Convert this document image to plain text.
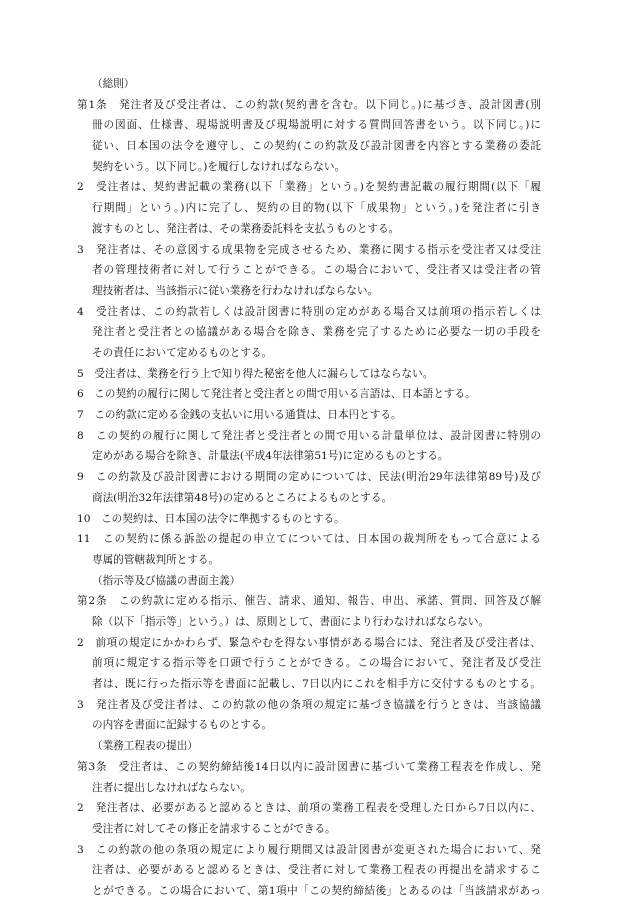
（総則）
第1条　発注者及び受注者は、この約款(契約書を含む。以下同じ。)に基づき、設計図書(別
冊の図面、仕様書、現場説明書及び現場説明に対する質問回答書をいう。以下同じ。)に
従い、日本国の法令を遵守し、この契約(この約款及び設計図書を内容とする業務の委託
契約をいう。以下同じ。)を履行しなければならない。
2　受注者は、契約書記載の業務(以下「業務」という。)を契約書記載の履行期間(以下「履
行期間」という。)内に完了し、契約の目的物(以下「成果物」という。)を発注者に引き
渡すものとし、発注者は、その業務委託料を支払うものとする。
3　発注者は、その意図する成果物を完成させるため、業務に関する指示を受注者又は受注
者の管理技術者に対して行うことができる。この場合において、受注者又は受注者の管
理技術者は、当該指示に従い業務を行わなければならない。
4　受注者は、この約款若しくは設計図書に特別の定めがある場合又は前項の指示若しくは
発注者と受注者との協議がある場合を除き、業務を完了するために必要な一切の手段を
その責任において定めるものとする。
5　受注者は、業務を行う上で知り得た秘密を他人に漏らしてはならない。
6　この契約の履行に関して発注者と受注者との間で用いる言語は、日本語とする。
7　この約款に定める金銭の支払いに用いる通貨は、日本円とする。
8　この契約の履行に関して発注者と受注者との間で用いる計量単位は、設計図書に特別の
定めがある場合を除き、計量法(平成4年法律第51号)に定めるものとする。
9　この約款及び設計図書における期間の定めについては、民法(明治29年法律第89号)及び
商法(明治32年法律第48号)の定めるところによるものとする。
10　この契約は、日本国の法令に準拠するものとする。
11　この契約に係る訴訟の提起の申立てについては、日本国の裁判所をもって合意による
専属的管轄裁判所とする。
（指示等及び協議の書面主義）
第2条　この約款に定める指示、催告、請求、通知、報告、申出、承諾、質問、回答及び解
除（以下「指示等」という。）は、原則として、書面により行わなければならない。
2　前項の規定にかかわらず、緊急やむを得ない事情がある場合には、発注者及び受注者は、
前項に規定する指示等を口頭で行うことができる。この場合において、発注者及び受注
者は、既に行った指示等を書面に記載し、7日以内にこれを相手方に交付するものとする。
3　発注者及び受注者は、この約款の他の条項の規定に基づき協議を行うときは、当該協議
の内容を書面に記録するものとする。
（業務工程表の提出）
第3条　受注者は、この契約締結後14日以内に設計図書に基づいて業務工程表を作成し、発
注者に提出しなければならない。
2　発注者は、必要があると認めるときは、前項の業務工程表を受理した日から7日以内に、
受注者に対してその修正を請求することができる。
3　この約款の他の条項の規定により履行期間又は設計図書が変更された場合において、発
注者は、必要があると認めるときは、受注者に対して業務工程表の再提出を請求するこ
とができる。この場合において、第1項中「この契約締結後」とあるのは「当該請求があっ
